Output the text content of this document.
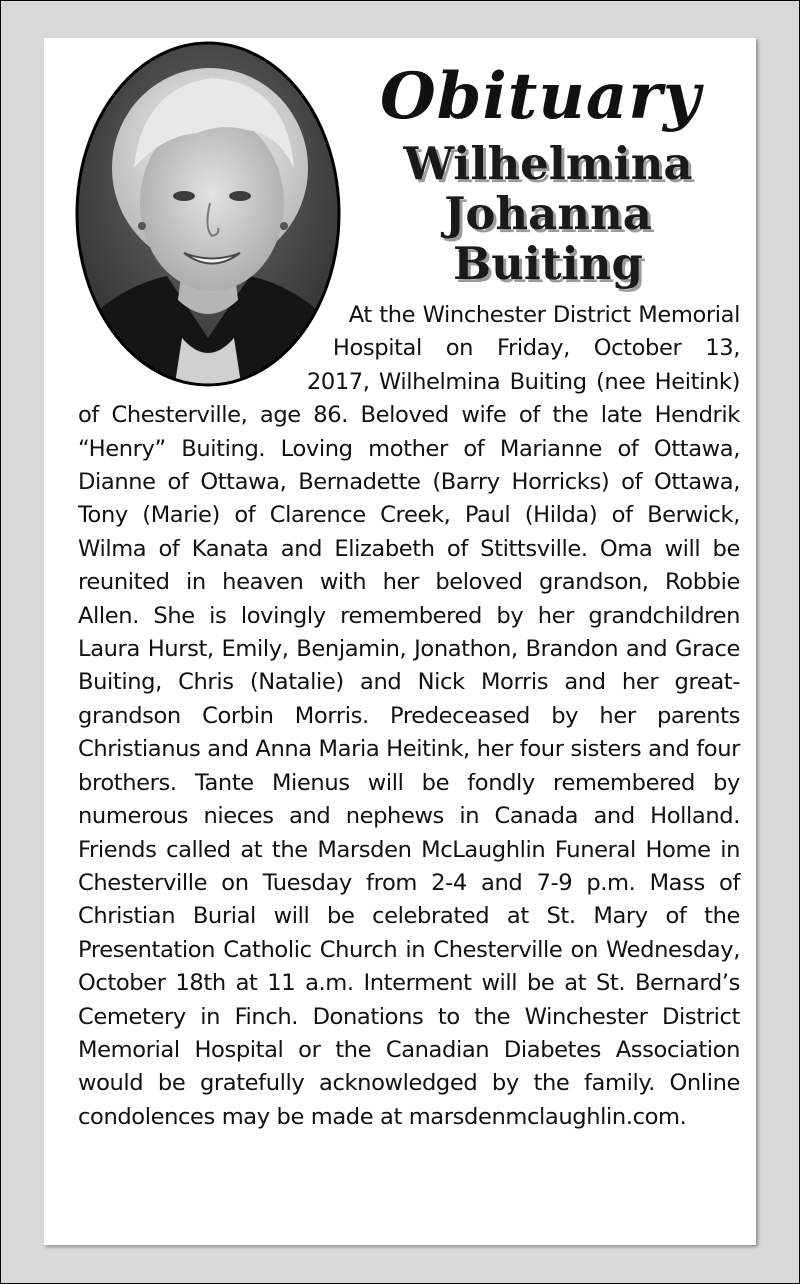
Obituary
Wilhelmina
Johanna Buiting

At the Winchester District Memorial Hospital on Friday, October 13, 2017, Wilhelmina Buiting (nee Heitink) of Chesterville, age 86. Beloved wife of the late Hendrik “Henry” Buiting. Loving mother of Marianne of Ottawa, Dianne of Ottawa, Bernadette (Barry Horricks) of Ottawa, Tony (Marie) of Clarence Creek, Paul (Hilda) of Berwick, Wilma of Kanata and Elizabeth of Stittsville. Oma will be reunited in heaven with her beloved grandson, Robbie Allen. She is lovingly remembered by her grandchildren Laura Hurst, Emily, Benjamin, Jonathon, Brandon and Grace Buiting, Chris (Natalie) and Nick Morris and her great-grandson Corbin Morris. Predeceased by her parents Christianus and Anna Maria Heitink, her four sisters and four brothers. Tante Mienus will be fondly remembered by numerous nieces and nephews in Canada and Holland. Friends called at the Marsden McLaughlin Funeral Home in Chesterville on Tuesday from 2-4 and 7-9 p.m. Mass of Christian Burial will be celebrated at St. Mary of the Presentation Catholic Church in Chesterville on Wednesday, October 18th at 11 a.m. Interment will be at St. Bernard’s Cemetery in Finch. Donations to the Winchester District Memorial Hospital or the Canadian Diabetes Association would be gratefully acknowledged by the family. Online condolences may be made at marsdenmclaughlin.com.
